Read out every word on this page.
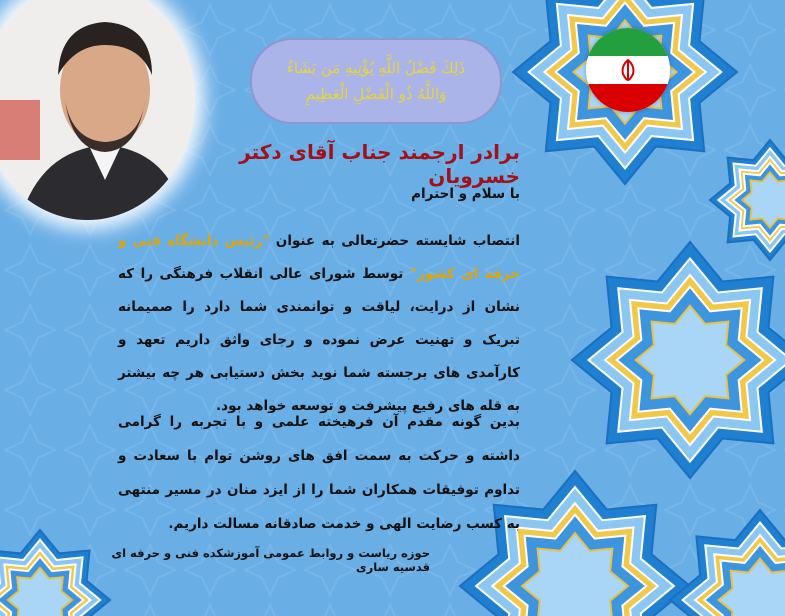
ذَلِكَ فَضْلُ اللَّهِ يُؤْتِيهِ مَن يَشَاءُ
وَاللَّهُ ذُو الْفَضْلِ الْعَظِيمِ
برادر ارجمند جناب آقای دکتر خسرویان
با سلام و احترام
انتصاب شایسته حضرتعالی به عنوان "رئیس دانشگاه فنی و حرفه ای کشور" توسط شورای عالی انقلاب فرهنگی را که نشان از درایت، لیاقت و توانمندی شما دارد را صمیمانه تبریک و تهنیت عرض نموده و رجای واثق داریم تعهد و کارآمدی های برجسته شما نوید بخش دستیابی هر چه بیشتر به قله های رفیع پیشرفت و توسعه خواهد بود.
بدین گونه مقدم آن فرهیخته علمی و با تجربه را گرامی داشته و حرکت به سمت افق های روشن توام با سعادت و تداوم توفیقات همکاران شما را از ایزد منان در مسیر منتهی به کسب رضایت الهی و خدمت صادقانه مسالت داریم.
حوزه ریاست و روابط عمومی آموزشکده فنی و حرفه ای قدسیه ساری
